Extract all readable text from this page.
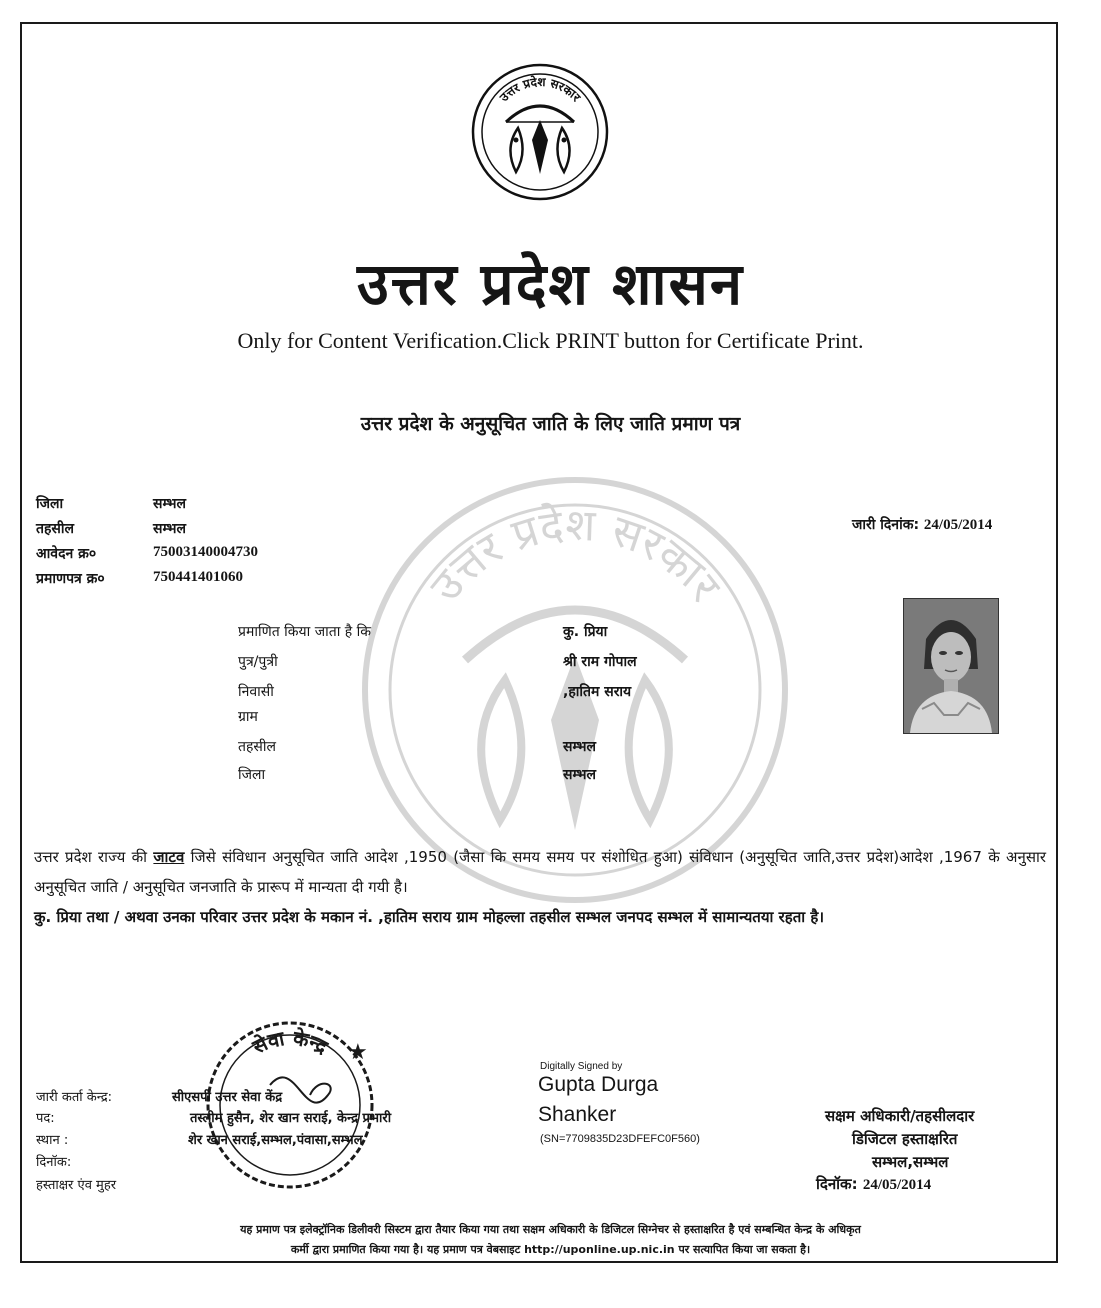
उत्तर प्रदेश सरकार
उत्तर प्रदेश सरकार
उत्तर प्रदेश शासन
Only for Content Verification.Click PRINT button for Certificate Print.
उत्तर प्रदेश के अनुसूचित जाति के लिए जाति प्रमाण पत्र
जिला	सम्भल
तहसील	सम्भल
आवेदन क्र०	75003140004730
प्रमाणपत्र क्र०	750441401060
जारी दिनांक: 24/05/2014
प्रमाणित किया जाता है कि	कु. प्रिया
पुत्र/पुत्री	श्री राम गोपाल
निवासी	,हातिम सराय
ग्राम
तहसील	सम्भल
जिला	सम्भल
उत्तर प्रदेश राज्य की जाटव जिसे संविधान अनुसूचित जाति आदेश ,1950 (जैसा कि समय समय पर संशोधित हुआ) संविधान (अनुसूचित जाति,उत्तर प्रदेश)आदेश ,1967 के अनुसार अनुसूचित जाति / अनुसूचित जनजाति के प्रारूप में मान्यता दी गयी है।
कु. प्रिया तथा / अथवा उनका परिवार उत्तर प्रदेश के मकान नं. ,हातिम सराय ग्राम मोहल्ला तहसील सम्भल जनपद सम्भल में सामान्यतया रहता है।
सेवा केन्द्र ★
Digitally Signed by
Gupta Durga
Shanker
(SN=7709835D23DFEFC0F560)
जारी कर्ता केन्द्र:	सीएसपी उत्तर सेवा केंद्र
पद:	तस्लीम हुसैन, शेर खान सराई, केन्द्र प्रभारी
स्थान :	शेर खान सराई,सम्भल,पंवासा,सम्भल
दिनॉक:
हस्ताक्षर एंव मुहर
सक्षम अधिकारी/तहसीलदार
डिजिटल हस्ताक्षरित
सम्भल,सम्भल
दिनॉक: 24/05/2014
यह प्रमाण पत्र इलेक्ट्रॉनिक डिलीवरी सिस्टम द्वारा तैयार किया गया तथा सक्षम अधिकारी के डिजिटल सिग्नेचर से हस्ताक्षरित है एवं सम्बन्धित केन्द्र के अधिकृत
कर्मी द्वारा प्रमाणित किया गया है। यह प्रमाण पत्र वेबसाइट http://uponline.up.nic.in पर सत्यापित किया जा सकता है।
